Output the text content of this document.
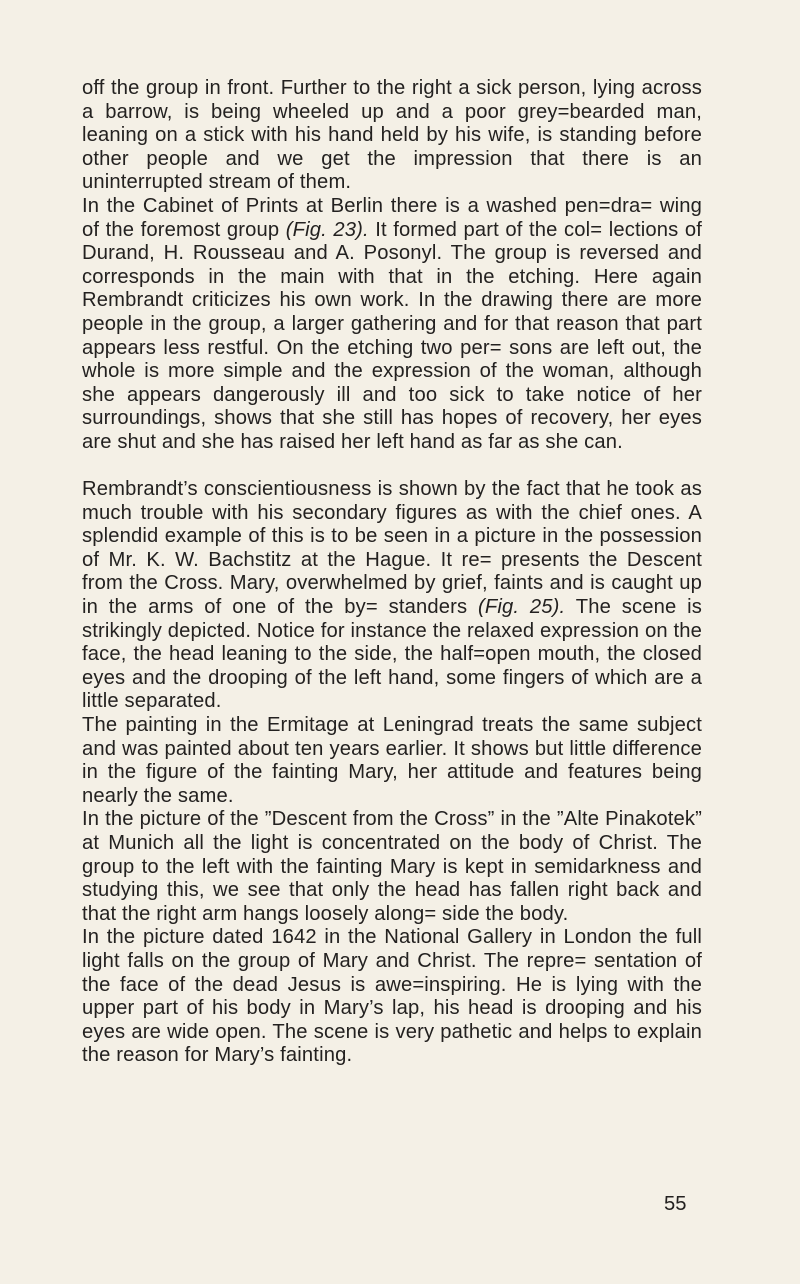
off the group in front. Further to the right a sick person, lying across a barrow, is being wheeled up and a poor grey=bearded man, leaning on a stick with his hand held by his wife, is standing before other people and we get the impression that there is an uninterrupted stream of them.

In the Cabinet of Prints at Berlin there is a washed pen=dra= wing of the foremost group (Fig. 23). It formed part of the col= lections of Durand, H. Rousseau and A. Posonyl. The group is reversed and corresponds in the main with that in the etching. Here again Rembrandt criticizes his own work. In the drawing there are more people in the group, a larger gathering and for that reason that part appears less restful. On the etching two per= sons are left out, the whole is more simple and the expression of the woman, although she appears dangerously ill and too sick to take notice of her surroundings, shows that she still has hopes of recovery, her eyes are shut and she has raised her left hand as far as she can.

Rembrandt’s conscientiousness is shown by the fact that he took as much trouble with his secondary figures as with the chief ones. A splendid example of this is to be seen in a picture in the possession of Mr. K. W. Bachstitz at the Hague. It re= presents the Descent from the Cross. Mary, overwhelmed by grief, faints and is caught up in the arms of one of the by= standers (Fig. 25). The scene is strikingly depicted. Notice for instance the relaxed expression on the face, the head leaning to the side, the half=open mouth, the closed eyes and the drooping of the left hand, some fingers of which are a little separated.

The painting in the Ermitage at Leningrad treats the same subject and was painted about ten years earlier. It shows but little difference in the figure of the fainting Mary, her attitude and features being nearly the same.

In the picture of the ”Descent from the Cross” in the ”Alte Pinakotek” at Munich all the light is concentrated on the body of Christ. The group to the left with the fainting Mary is kept in semidarkness and studying this, we see that only the head has fallen right back and that the right arm hangs loosely along= side the body.

In the picture dated 1642 in the National Gallery in London the full light falls on the group of Mary and Christ. The repre= sentation of the face of the dead Jesus is awe=inspiring. He is lying with the upper part of his body in Mary’s lap, his head is drooping and his eyes are wide open. The scene is very pathetic and helps to explain the reason for Mary’s fainting.

55
